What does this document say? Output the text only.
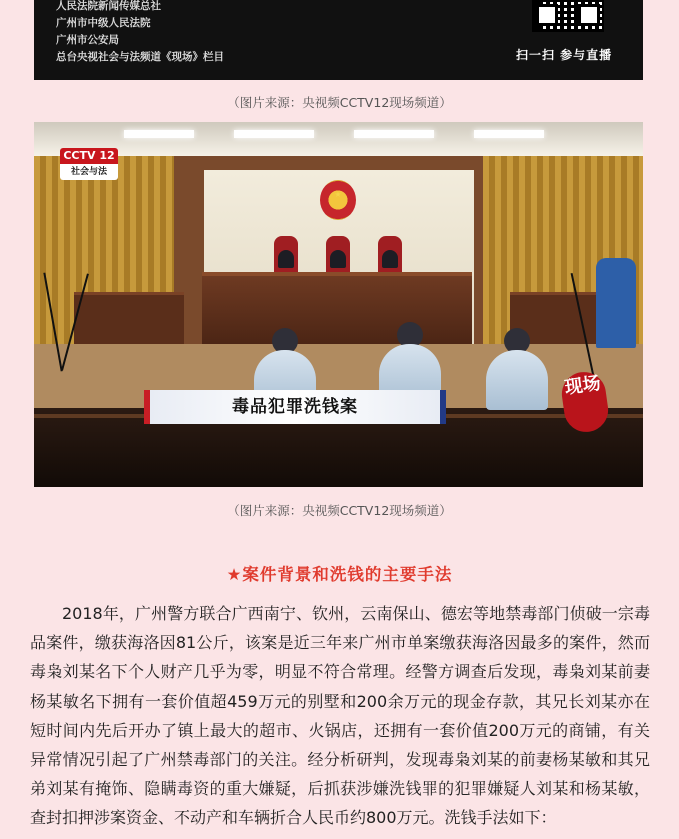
人民法院新闻传媒总社
广州市中级人民法院
广州市公安局
总台央视社会与法频道《现场》栏目	扫一扫 参与直播
（图片来源：央视频CCTV12现场频道）
★
CCTV 12
社会与法
毒品犯罪洗钱案
现场
（图片来源：央视频CCTV12现场频道）
★案件背景和洗钱的主要手法
2018年，广州警方联合广西南宁、钦州，云南保山、德宏等地禁毒部门侦破一宗毒品案件，缴获海洛因81公斤，该案是近三年来广州市单案缴获海洛因最多的案件，然而毒枭刘某名下个人财产几乎为零，明显不符合常理。经警方调查后发现，毒枭刘某前妻杨某敏名下拥有一套价值超459万元的别墅和200余万元的现金存款，其兄长刘某亦在短时间内先后开办了镇上最大的超市、火锅店，还拥有一套价值200万元的商铺，有关异常情况引起了广州禁毒部门的关注。经分析研判，发现毒枭刘某的前妻杨某敏和其兄弟刘某有掩饰、隐瞒毒资的重大嫌疑，后抓获涉嫌洗钱罪的犯罪嫌疑人刘某和杨某敏，查封扣押涉案资金、不动产和车辆折合人民币约800万元。洗钱手法如下：
